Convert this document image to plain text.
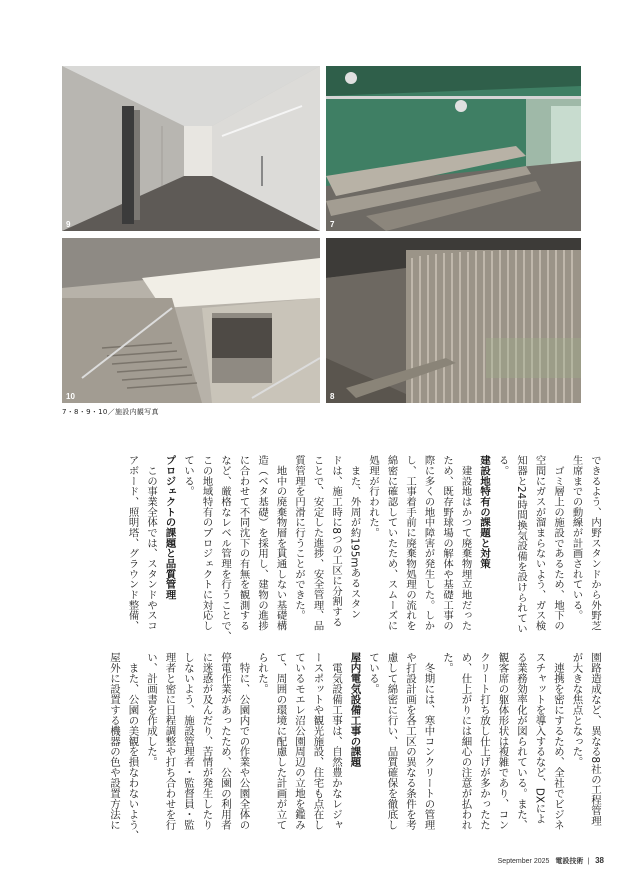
9	7
10	8
7・8・9・10／施設内観写真
September 2025 電設技術 | 38
できるよう、内野スタンドから外野芝
生席までの動線が計画されている。
　ゴミ層上の施設であるため、地下の
空間にガスが溜まらないよう、ガス検
知器と24時間換気設備を設けられてい
る。
建設地特有の課題と対策
　建設地はかつて廃棄物埋立地だった
ため、既存野球場の解体や基礎工事の
際に多くの地中障害が発生した。しか
し、工事着手前に廃棄物処理の流れを
綿密に確認していたため、スムーズに
処理が行われた。
　また、外周が約195mあるスタン
ドは、施工時に8つの工区に分割する
ことで、安定した進捗、安全管理、品
質管理を円滑に行うことができた。
　地中の廃棄物層を貫通しない基礎構
造（ベタ基礎）を採用し、建物の進捗
に合わせて不同沈下の有無を観測する
など、厳格なレベル管理を行うことで、
この地域特有のプロジェクトに対応し
ている。
プロジェクトの課題と品質管理
　この事業全体では、スタンドやスコ
アボード、照明塔、グラウンド整備、
園路造成など、異なる8社の工程管理
が大きな焦点となった。
　連携を密にするため、全社でビジネ
スチャットを導入するなど、DXによ
る業務効率化が図られている。また、
観客席の躯体形状は複雑であり、コン
クリート打ち放し仕上げが多かったた
め、仕上がりには細心の注意が払われ
た。
　冬期には、寒中コンクリートの管理
や打設計画を各工区の異なる条件を考
慮して綿密に行い、品質確保を徹底し
ている。
屋内電気設備工事の課題
　電気設備工事は、自然豊かなレジャ
ースポットや観光施設、住宅も点在し
ているモエレ沼公園周辺の立地を鑑み
て、周囲の環境に配慮した計画が立て
られた。
　特に、公園内での作業や公園全体の
停電作業があったため、公園の利用者
に迷惑が及んだり、苦情が発生したり
しないよう、施設管理者・監督員・監
理者と密に日程調整や打ち合わせを行
い、計画書を作成した。
　また、公園の美観を損なわないよう、
屋外に設置する機器の色や設置方法に
